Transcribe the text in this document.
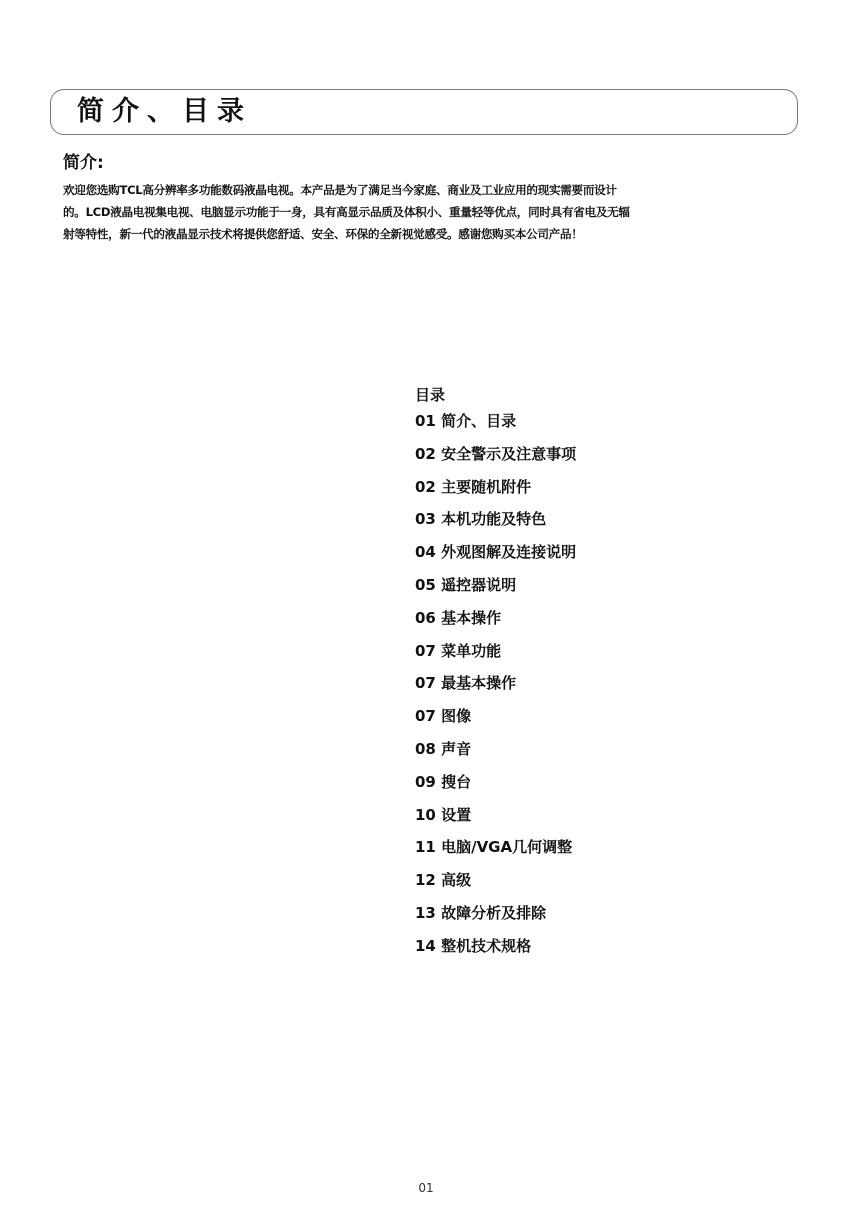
简介、目录
简介:
欢迎您选购TCL高分辨率多功能数码液晶电视。本产品是为了满足当今家庭、商业及工业应用的现实需要而设计
的。LCD液晶电视集电视、电脑显示功能于一身，具有高显示品质及体积小、重量轻等优点，同时具有省电及无辐
射等特性，新一代的液晶显示技术将提供您舒适、安全、环保的全新视觉感受。感谢您购买本公司产品！
目录
01 简介、目录
02 安全警示及注意事项
02 主要随机附件
03 本机功能及特色
04 外观图解及连接说明
05 遥控器说明
06 基本操作
07 菜单功能
07 最基本操作
07 图像
08 声音
09 搜台
10 设置
11 电脑/VGA几何调整
12 高级
13 故障分析及排除
14 整机技术规格
01
